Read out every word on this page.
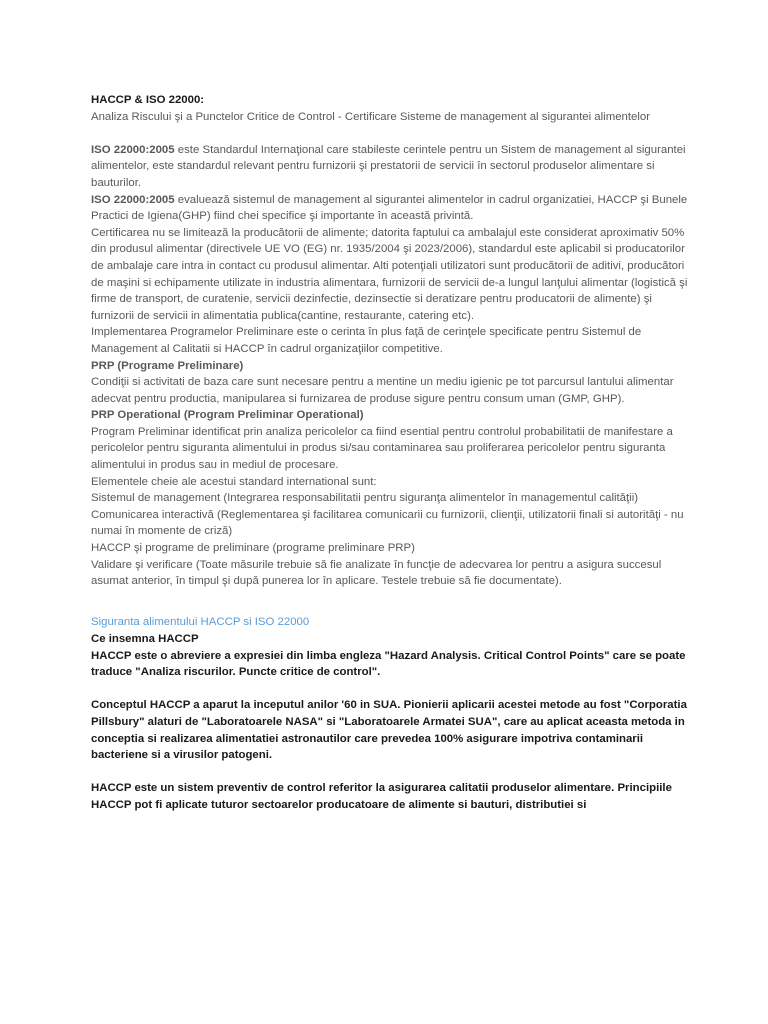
HACCP & ISO 22000:

Analiza Riscului şi a Punctelor Critice de Control - Certificare Sisteme de management al sigurantei alimentelor

ISO 22000:2005 este Standardul Internaţional care stabileste cerintele pentru un Sistem de management al sigurantei alimentelor, este standardul relevant pentru furnizorii şi prestatorii de servicii în sectorul produselor alimentare si bauturilor.

ISO 22000:2005 evaluează sistemul de management al sigurantei alimentelor in cadrul organizatiei, HACCP şi Bunele Practici de Igiena(GHP) fiind chei specifice şi importante în această privintă.

Certificarea nu se limitează la producătorii de alimente; datorita faptului ca ambalajul este considerat aproximativ 50% din produsul alimentar (directivele UE VO (EG) nr. 1935/2004 şi 2023/2006), standardul este aplicabil si producatorilor de ambalaje care intra in contact cu produsul alimentar. Alti potenţiali utilizatori sunt producătorii de aditivi, producători de maşini si echipamente utilizate in industria alimentara, furnizorii de servicii de-a lungul lanţului alimentar (logistică şi firme de transport, de curatenie, servicii dezinfectie, dezinsectie si deratizare pentru producatorii de alimente) şi furnizorii de servicii in alimentatia publica(cantine, restaurante, catering etc).

Implementarea Programelor Preliminare este o cerinta în plus faţă de cerinţele specificate pentru Sistemul de Management al Calitatii si HACCP în cadrul organizaţiilor competitive.

PRP (Programe Preliminare)

Condiţii si activitati de baza care sunt necesare pentru a mentine un mediu igienic pe tot parcursul lantului alimentar adecvat pentru productia, manipularea si furnizarea de produse sigure pentru consum uman (GMP, GHP).

PRP Operational (Program Preliminar Operational)

Program Preliminar identificat prin analiza pericolelor ca fiind esential pentru controlul probabilitatii de manifestare a pericolelor pentru siguranta alimentului in produs si/sau contaminarea sau proliferarea pericolelor pentru siguranta alimentului in produs sau in mediul de procesare.

Elementele cheie ale acestui standard international sunt:

Sistemul de management (Integrarea responsabilitatii pentru siguranţa alimentelor în managementul calităţii)

Comunicarea interactivă (Reglementarea şi facilitarea comunicarii cu furnizorii, clienţii, utilizatorii finali si autorităţi - nu numai în momente de criză)

HACCP şi programe de preliminare (programe preliminare PRP)

Validare şi verificare (Toate măsurile trebuie să fie analizate în funcţie de adecvarea lor pentru a asigura succesul asumat anterior, în timpul şi după punerea lor în aplicare. Testele trebuie să fie documentate).

Siguranta alimentului HACCP si ISO 22000

Ce insemna HACCP

HACCP este o abreviere a expresiei din limba engleza "Hazard Analysis. Critical Control Points" care se poate traduce "Analiza riscurilor. Puncte critice de control".

Conceptul HACCP a aparut la inceputul anilor '60 in SUA. Pionierii aplicarii acestei metode au fost "Corporatia Pillsbury" alaturi de "Laboratoarele NASA" si "Laboratoarele Armatei SUA", care au aplicat aceasta metoda in conceptia si realizarea alimentatiei astronautilor care prevedea 100% asigurare impotriva contaminarii bacteriene si a virusilor patogeni.

HACCP este un sistem preventiv de control referitor la asigurarea calitatii produselor alimentare. Principiile HACCP pot fi aplicate tuturor sectoarelor producatoare de alimente si bauturi, distributiei si
